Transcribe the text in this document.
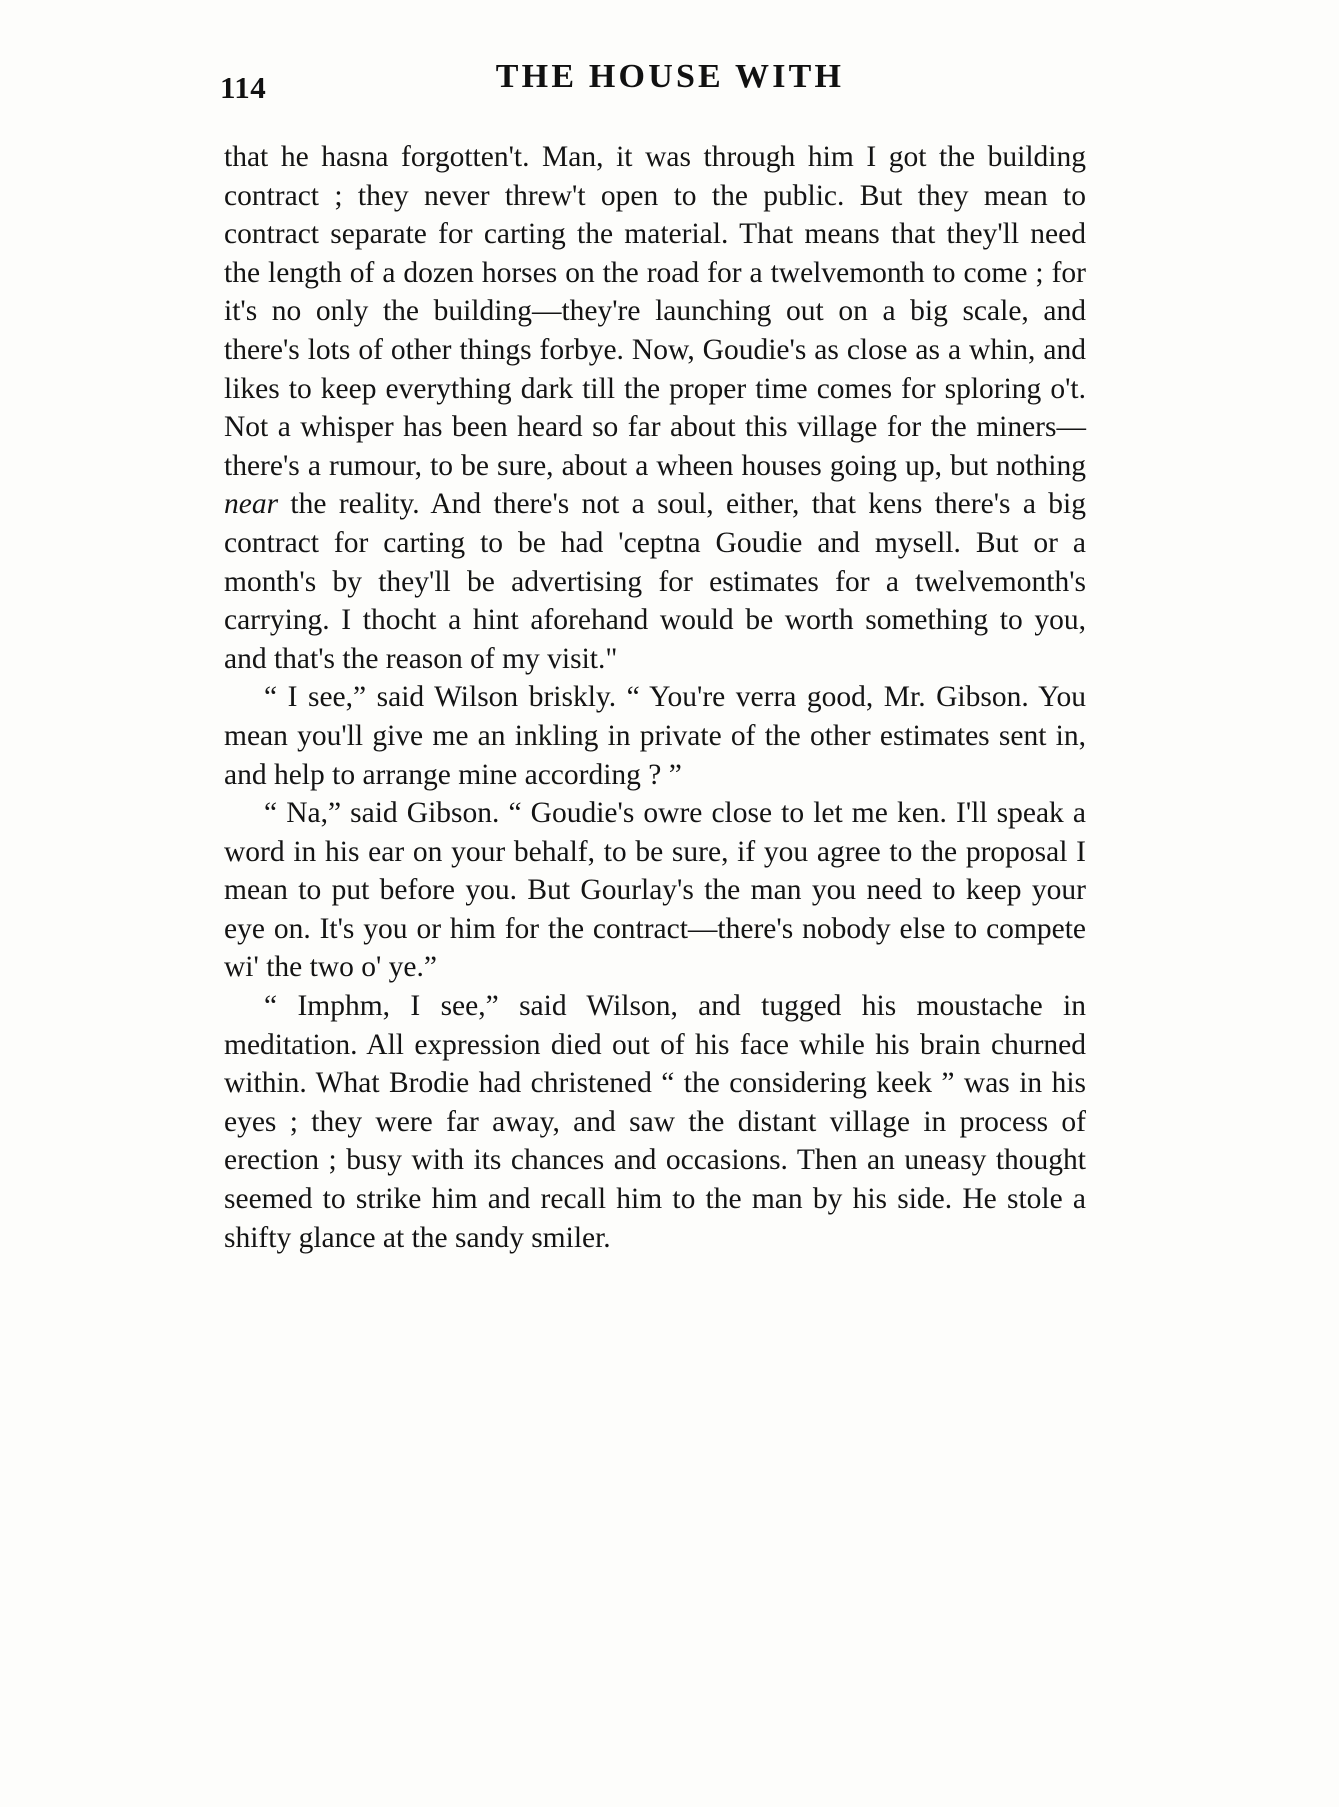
114	THE HOUSE WITH

that he hasna forgotten't. Man, it was through him I got the building contract ; they never threw't open to the public. But they mean to contract separate for carting the material. That means that they'll need the length of a dozen horses on the road for a twelvemonth to come ; for it's no only the building—they're launching out on a big scale, and there's lots of other things forbye. Now, Goudie's as close as a whin, and likes to keep everything dark till the proper time comes for sploring o't. Not a whisper has been heard so far about this village for the miners—there's a rumour, to be sure, about a wheen houses going up, but nothing near the reality. And there's not a soul, either, that kens there's a big contract for carting to be had 'ceptna Goudie and mysell. But or a month's by they'll be advertising for estimates for a twelvemonth's carrying. I thocht a hint aforehand would be worth something to you, and that's the reason of my visit."

“ I see,” said Wilson briskly. “ You're verra good, Mr. Gibson. You mean you'll give me an inkling in private of the other estimates sent in, and help to arrange mine according ? ”

“ Na,” said Gibson. “ Goudie's owre close to let me ken. I'll speak a word in his ear on your behalf, to be sure, if you agree to the proposal I mean to put before you. But Gourlay's the man you need to keep your eye on. It's you or him for the contract—there's nobody else to compete wi' the two o' ye.”

“ Imphm, I see,” said Wilson, and tugged his moustache in meditation. All expression died out of his face while his brain churned within. What Brodie had christened “ the considering keek ” was in his eyes ; they were far away, and saw the distant village in process of erection ; busy with its chances and occasions. Then an uneasy thought seemed to strike him and recall him to the man by his side. He stole a shifty glance at the sandy smiler.
